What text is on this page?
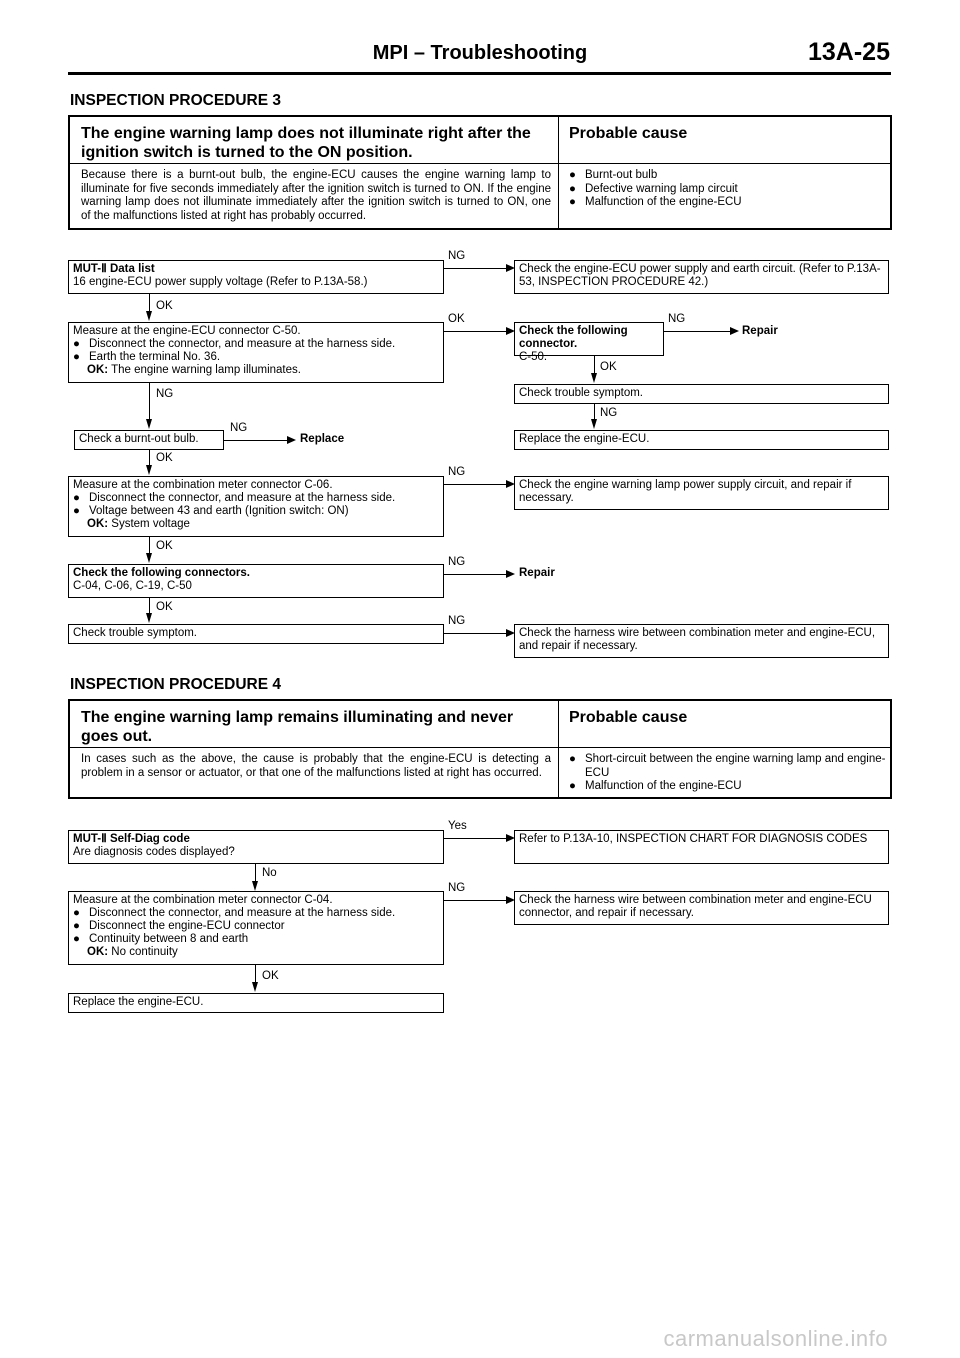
MPI – Troubleshooting	13A-25
INSPECTION PROCEDURE 3
The engine warning lamp does not illuminate right after the ignition switch is turned to the ON position.
Probable cause
Because there is a burnt-out bulb, the engine-ECU causes the engine warning lamp to illuminate for five seconds immediately after the ignition switch is turned to ON. If the engine warning lamp does not illuminate immediately after the ignition switch is turned to ON, one of the malfunctions listed at right has probably occurred.
● Burnt-out bulb
● Defective warning lamp circuit
● Malfunction of the engine-ECU
MUT-Ⅱ Data list
16 engine-ECU power supply voltage (Refer to P.13A-58.)
NG
Check the engine-ECU power supply and earth circuit. (Refer to P.13A-53, INSPECTION PROCEDURE 42.)
OK
Measure at the engine-ECU connector C-50.
● Disconnect the connector, and measure at the harness side.
● Earth the terminal No. 36.
OK: The engine warning lamp illuminates.
OK
Check the following connector.
C-50.
NG
Repair
OK
Check trouble symptom.
NG
Replace the engine-ECU.
NG
Check a burnt-out bulb.
NG
Replace
OK
Measure at the combination meter connector C-06.
● Disconnect the connector, and measure at the harness side.
● Voltage between 43 and earth (Ignition switch: ON)
OK: System voltage
NG
Check the engine warning lamp power supply circuit, and repair if necessary.
OK
Check the following connectors.
C-04, C-06, C-19, C-50
NG
Repair
OK
Check trouble symptom.
NG
Check the harness wire between combination meter and engine-ECU, and repair if necessary.
INSPECTION PROCEDURE 4
The engine warning lamp remains illuminating and never goes out.
Probable cause
In cases such as the above, the cause is probably that the engine-ECU is detecting a problem in a sensor or actuator, or that one of the malfunctions listed at right has occurred.
● Short-circuit between the engine warning lamp and engine-ECU
● Malfunction of the engine-ECU
MUT-Ⅱ Self-Diag code
Are diagnosis codes displayed?
Yes
Refer to P.13A-10, INSPECTION CHART FOR DIAGNOSIS CODES
No
Measure at the combination meter connector C-04.
● Disconnect the connector, and measure at the harness side.
● Disconnect the engine-ECU connector
● Continuity between 8 and earth
OK: No continuity
NG
Check the harness wire between combination meter and engine-ECU connector, and repair if necessary.
OK
Replace the engine-ECU.
carmanualsonline.info
